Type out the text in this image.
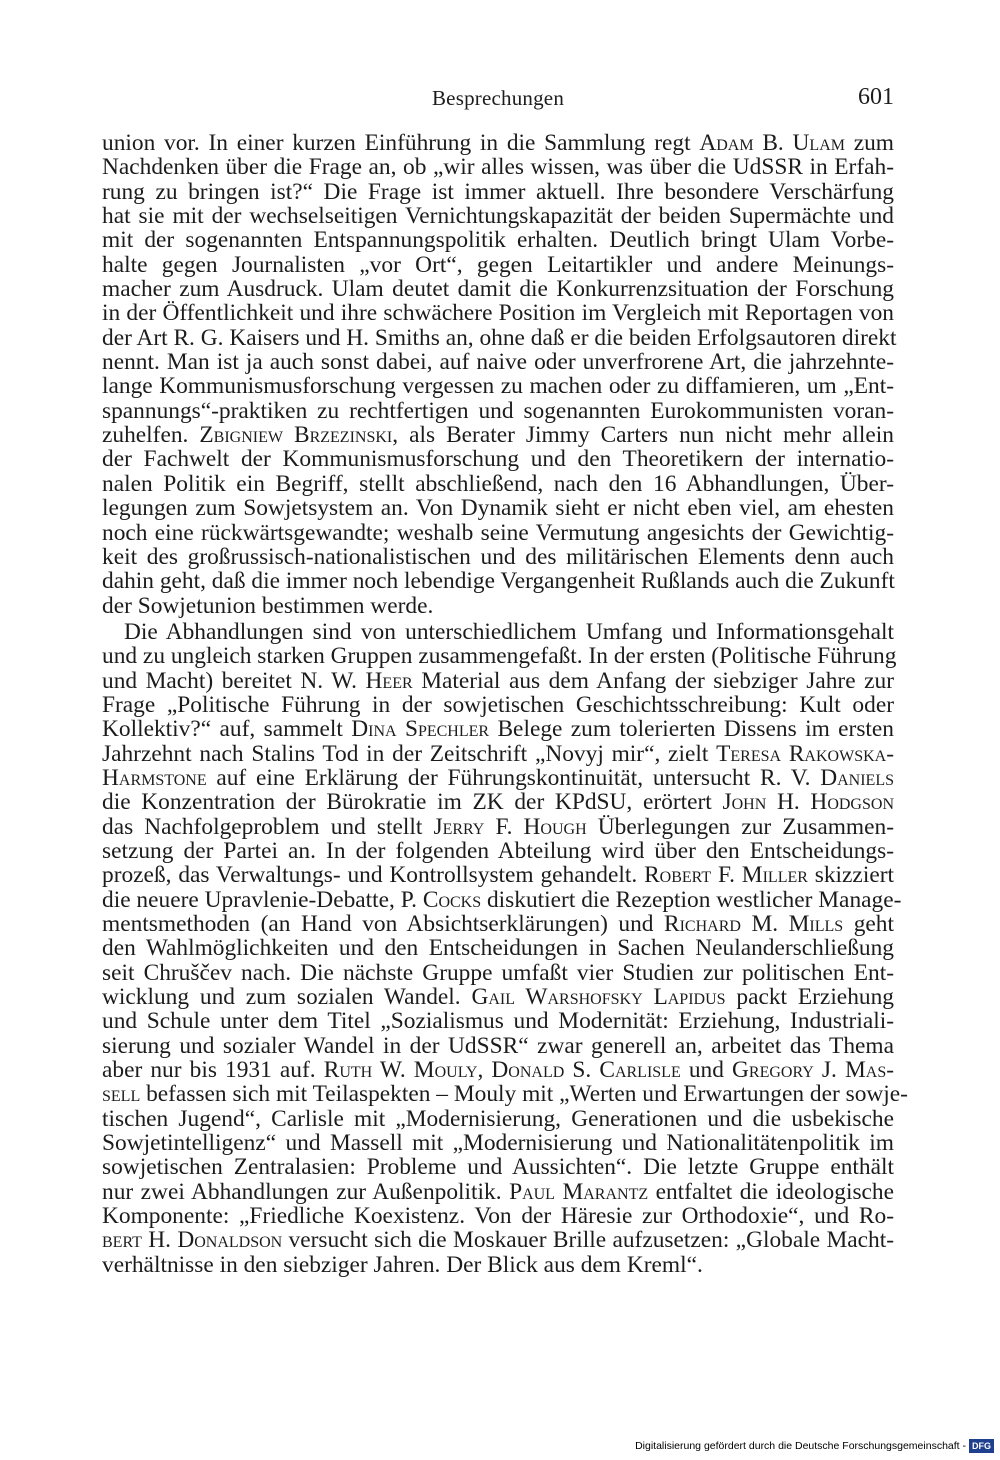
Besprechungen	601

union vor. In einer kurzen Einführung in die Sammlung regt Adam B. Ulam zum
Nachdenken über die Frage an, ob „wir alles wissen, was über die UdSSR in Erfah-
rung zu bringen ist?“ Die Frage ist immer aktuell. Ihre besondere Verschärfung
hat sie mit der wechselseitigen Vernichtungskapazität der beiden Supermächte und
mit der sogenannten Entspannungspolitik erhalten. Deutlich bringt Ulam Vorbe-
halte gegen Journalisten „vor Ort“, gegen Leitartikler und andere Meinungs-
macher zum Ausdruck. Ulam deutet damit die Konkurrenzsituation der Forschung
in der Öffentlichkeit und ihre schwächere Position im Vergleich mit Reportagen von
der Art R. G. Kaisers und H. Smiths an, ohne daß er die beiden Erfolgsautoren direkt
nennt. Man ist ja auch sonst dabei, auf naive oder unverfrorene Art, die jahrzehnte-
lange Kommunismusforschung vergessen zu machen oder zu diffamieren, um „Ent-
spannungs“-praktiken zu rechtfertigen und sogenannten Eurokommunisten voran-
zuhelfen. Zbigniew Brzezinski, als Berater Jimmy Carters nun nicht mehr allein
der Fachwelt der Kommunismusforschung und den Theoretikern der internatio-
nalen Politik ein Begriff, stellt abschließend, nach den 16 Abhandlungen, Über-
legungen zum Sowjetsystem an. Von Dynamik sieht er nicht eben viel, am ehesten
noch eine rückwärtsgewandte; weshalb seine Vermutung angesichts der Gewichtig-
keit des großrussisch-nationalistischen und des militärischen Elements denn auch
dahin geht, daß die immer noch lebendige Vergangenheit Rußlands auch die Zukunft
der Sowjetunion bestimmen werde.

Die Abhandlungen sind von unterschiedlichem Umfang und Informationsgehalt
und zu ungleich starken Gruppen zusammengefaßt. In der ersten (Politische Führung
und Macht) bereitet N. W. Heer Material aus dem Anfang der siebziger Jahre zur
Frage „Politische Führung in der sowjetischen Geschichtsschreibung: Kult oder
Kollektiv?“ auf, sammelt Dina Spechler Belege zum tolerierten Dissens im ersten
Jahrzehnt nach Stalins Tod in der Zeitschrift „Novyj mir“, zielt Teresa Rakowska-
Harmstone auf eine Erklärung der Führungskontinuität, untersucht R. V. Daniels
die Konzentration der Bürokratie im ZK der KPdSU, erörtert John H. Hodgson
das Nachfolgeproblem und stellt Jerry F. Hough Überlegungen zur Zusammen-
setzung der Partei an. In der folgenden Abteilung wird über den Entscheidungs-
prozeß, das Verwaltungs- und Kontrollsystem gehandelt. Robert F. Miller skizziert
die neuere Upravlenie-Debatte, P. Cocks diskutiert die Rezeption westlicher Manage-
mentsmethoden (an Hand von Absichtserklärungen) und Richard M. Mills geht
den Wahlmöglichkeiten und den Entscheidungen in Sachen Neulanderschließung
seit Chruščev nach. Die nächste Gruppe umfaßt vier Studien zur politischen Ent-
wicklung und zum sozialen Wandel. Gail Warshofsky Lapidus packt Erziehung
und Schule unter dem Titel „Sozialismus und Modernität: Erziehung, Industriali-
sierung und sozialer Wandel in der UdSSR“ zwar generell an, arbeitet das Thema
aber nur bis 1931 auf. Ruth W. Mouly, Donald S. Carlisle und Gregory J. Mas-
sell befassen sich mit Teilaspekten – Mouly mit „Werten und Erwartungen der sowje-
tischen Jugend“, Carlisle mit „Modernisierung, Generationen und die usbekische
Sowjetintelligenz“ und Massell mit „Modernisierung und Nationalitätenpolitik im
sowjetischen Zentralasien: Probleme und Aussichten“. Die letzte Gruppe enthält
nur zwei Abhandlungen zur Außenpolitik. Paul Marantz entfaltet die ideologische
Komponente: „Friedliche Koexistenz. Von der Häresie zur Orthodoxie“, und Ro-
bert H. Donaldson versucht sich die Moskauer Brille aufzusetzen: „Globale Macht-
verhältnisse in den siebziger Jahren. Der Blick aus dem Kreml“.

Digitalisierung gefördert durch die Deutsche Forschungsgemeinschaft - DFG
